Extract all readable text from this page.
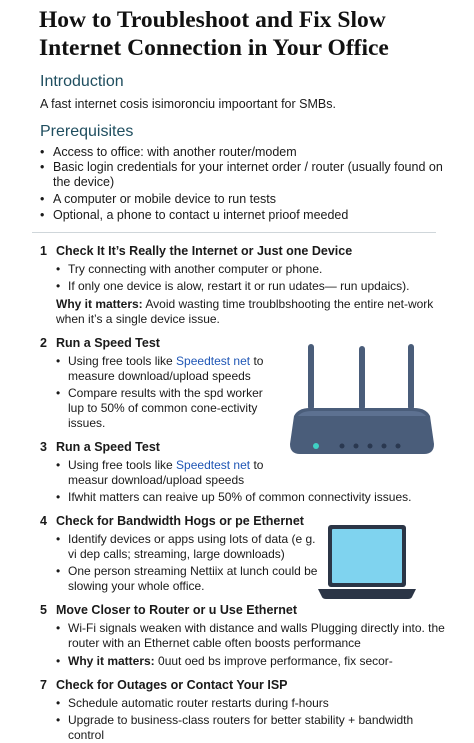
How to Troubleshoot and Fix Slow
Internet Connection in Your Office
Introduction

A fast internet cosis isimoronciu impoortant for SMBs.

Prerequisites
• Access to office: with another router/modem
• Basic login credentials for your internet order / router (usually found on the device)
• A computer or mobile device to run tests
• Optional, a phone to contact u internet prioof meeded
1 Check It It’s Really the Internet or Just one Device
• Try connecting with another computer or phone.
• If only one device is alow, restart it or run udates— run updaics).

Why it matters: Avoid wasting time troublbshooting the entire net-work when it’s a single device issue.

2 Run a Speed Test
• Using free tools like Speedtest net to measure download/upload speeds
• Compare results with the spd worker lup to 50% of common cone-ectivity issues.
3 Run a Speed Test
• Using free tools like Speedtest net to measur download/upload speeds
• Ifwhit matters can reaive up 50% of common connectivity issues.
4 Check for Bandwidth Hogs or pe Ethernet
• Identify devices or apps using lots of data (e g. vi dep calls; streaming, large downloads)
• One person streaming Nettiix at lunch could be slowing your whole office.
5 Move Closer to Router or u Use Ethernet
• Wi-Fi signals weaken with distance and walls Plugging directly into. the router with an Ethernet cable often boosts performance

• Why it matters: 0uut oed bs improve performance, fix secor-

7 Check for Outages or Contact Your ISP
• Schedule automatic router restarts during f-hours
• Upgrade to business-class routers for better stability + bandwidth control
